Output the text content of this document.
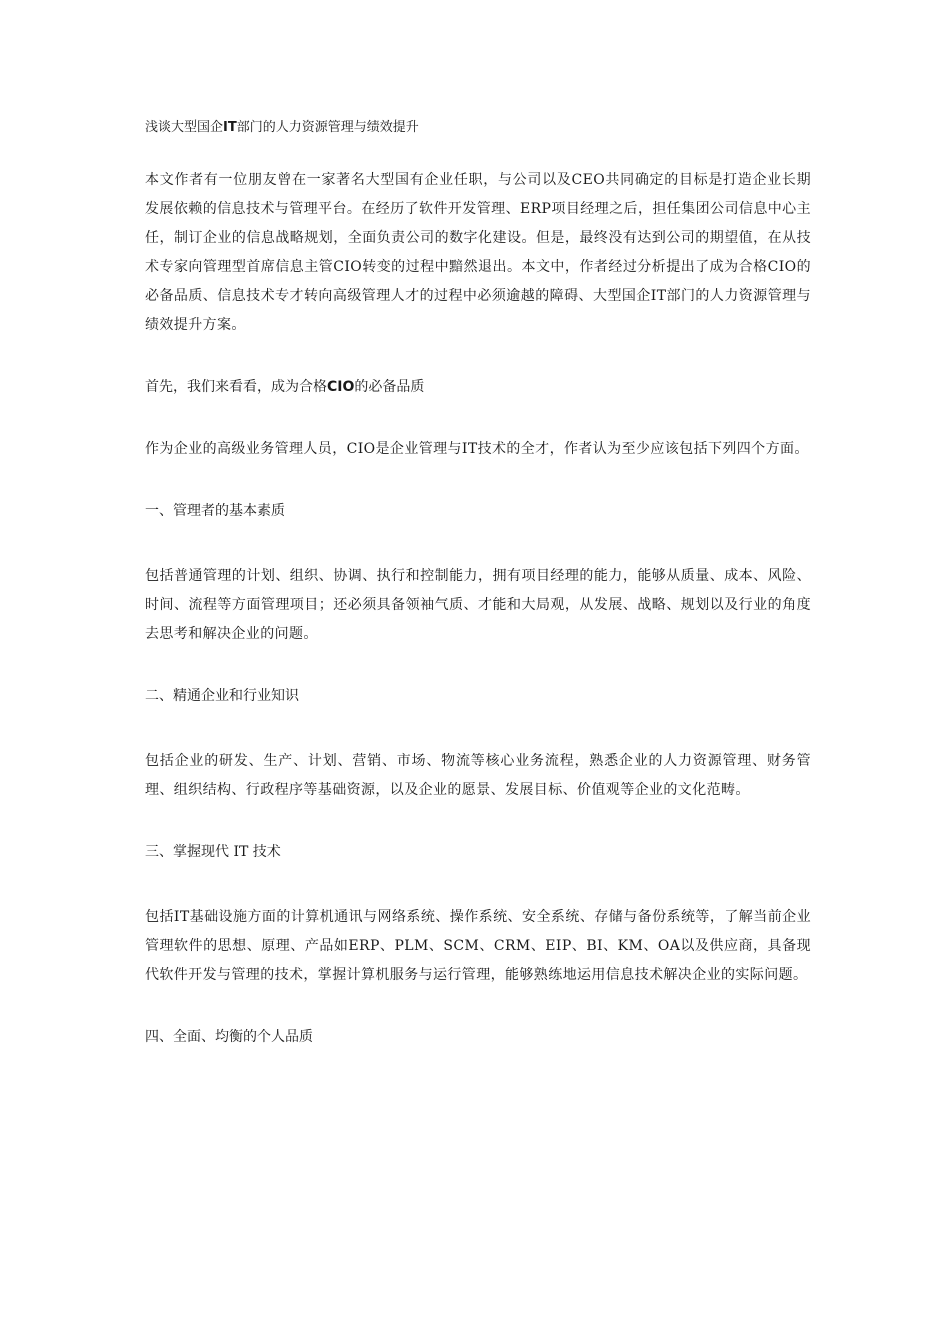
浅谈大型国企IT部门的人力资源管理与绩效提升

本文作者有一位朋友曾在一家著名大型国有企业任职，与公司以及CEO共同确定的目标是打造企业长期发展依赖的信息技术与管理平台。在经历了软件开发管理、ERP项目经理之后，担任集团公司信息中心主任，制订企业的信息战略规划，全面负责公司的数字化建设。但是，最终没有达到公司的期望值，在从技术专家向管理型首席信息主管CIO转变的过程中黯然退出。本文中，作者经过分析提出了成为合格CIO的必备品质、信息技术专才转向高级管理人才的过程中必须逾越的障碍、大型国企IT部门的人力资源管理与绩效提升方案。

首先，我们来看看，成为合格CIO的必备品质

作为企业的高级业务管理人员，CIO是企业管理与IT技术的全才，作者认为至少应该包括下列四个方面。

一、管理者的基本素质

包括普通管理的计划、组织、协调、执行和控制能力，拥有项目经理的能力，能够从质量、成本、风险、时间、流程等方面管理项目；还必须具备领袖气质、才能和大局观，从发展、战略、规划以及行业的角度去思考和解决企业的问题。

二、精通企业和行业知识

包括企业的研发、生产、计划、营销、市场、物流等核心业务流程，熟悉企业的人力资源管理、财务管理、组织结构、行政程序等基础资源，以及企业的愿景、发展目标、价值观等企业的文化范畴。

三、掌握现代 IT 技术

包括IT基础设施方面的计算机通讯与网络系统、操作系统、安全系统、存储与备份系统等，了解当前企业管理软件的思想、原理、产品如ERP、PLM、SCM、CRM、EIP、BI、KM、OA以及供应商，具备现代软件开发与管理的技术，掌握计算机服务与运行管理，能够熟练地运用信息技术解决企业的实际问题。

四、全面、均衡的个人品质
